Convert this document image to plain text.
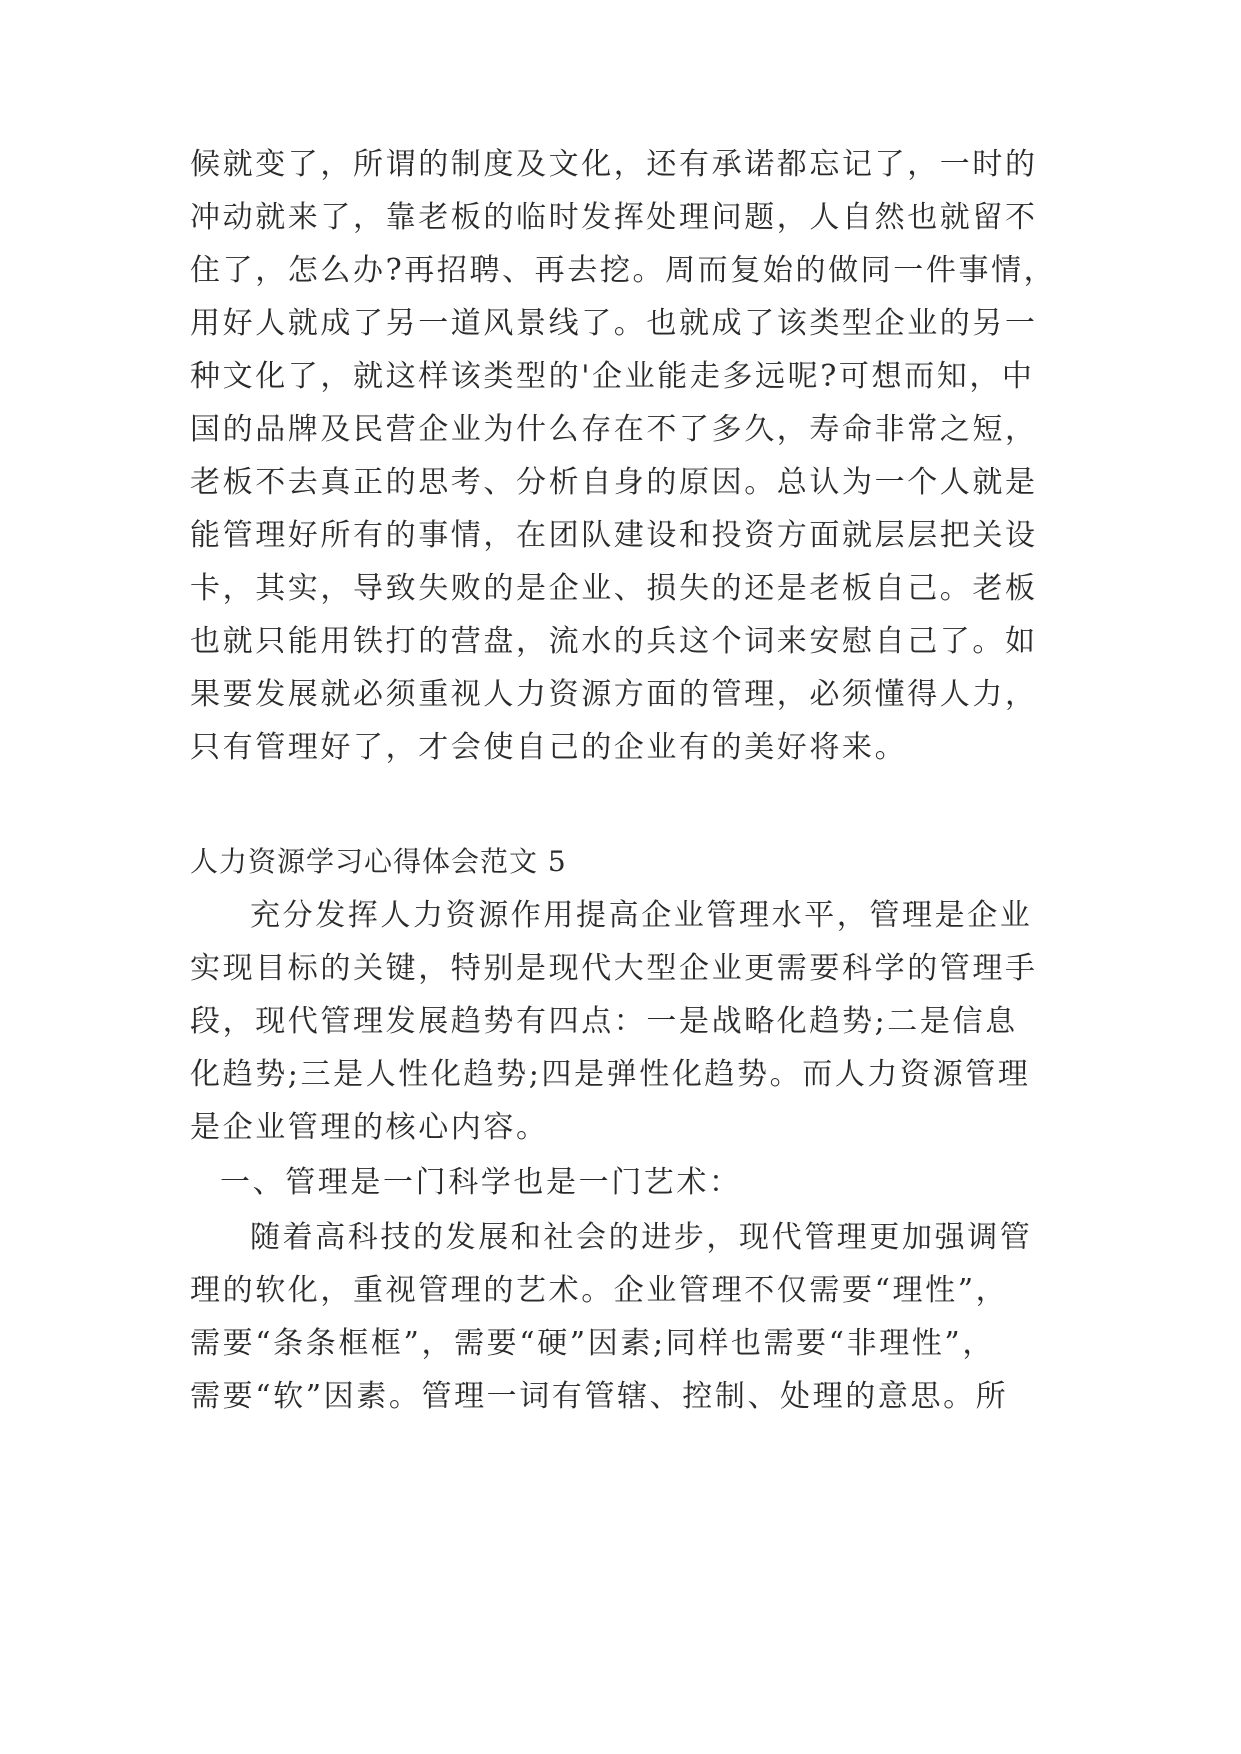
候就变了，所谓的制度及文化，还有承诺都忘记了，一时的
冲动就来了，靠老板的临时发挥处理问题，人自然也就留不
住了，怎么办?再招聘、再去挖。周而复始的做同一件事情，
用好人就成了另一道风景线了。也就成了该类型企业的另一
种文化了，就这样该类型的'企业能走多远呢?可想而知，中
国的品牌及民营企业为什么存在不了多久，寿命非常之短，
老板不去真正的思考、分析自身的原因。总认为一个人就是
能管理好所有的事情，在团队建设和投资方面就层层把关设
卡，其实，导致失败的是企业、损失的还是老板自己。老板
也就只能用铁打的营盘，流水的兵这个词来安慰自己了。如
果要发展就必须重视人力资源方面的管理，必须懂得人力，
只有管理好了，才会使自己的企业有的美好将来。
人力资源学习心得体会范文 5
充分发挥人力资源作用提高企业管理水平，管理是企业
实现目标的关键，特别是现代大型企业更需要科学的管理手
段，现代管理发展趋势有四点：一是战略化趋势;二是信息
化趋势;三是人性化趋势;四是弹性化趋势。而人力资源管理
是企业管理的核心内容。
一、管理是一门科学也是一门艺术：
随着高科技的发展和社会的进步，现代管理更加强调管
理的软化，重视管理的艺术。企业管理不仅需要“理性”，
需要“条条框框”，需要“硬”因素;同样也需要“非理性”，
需要“软”因素。管理一词有管辖、控制、处理的意思。所
